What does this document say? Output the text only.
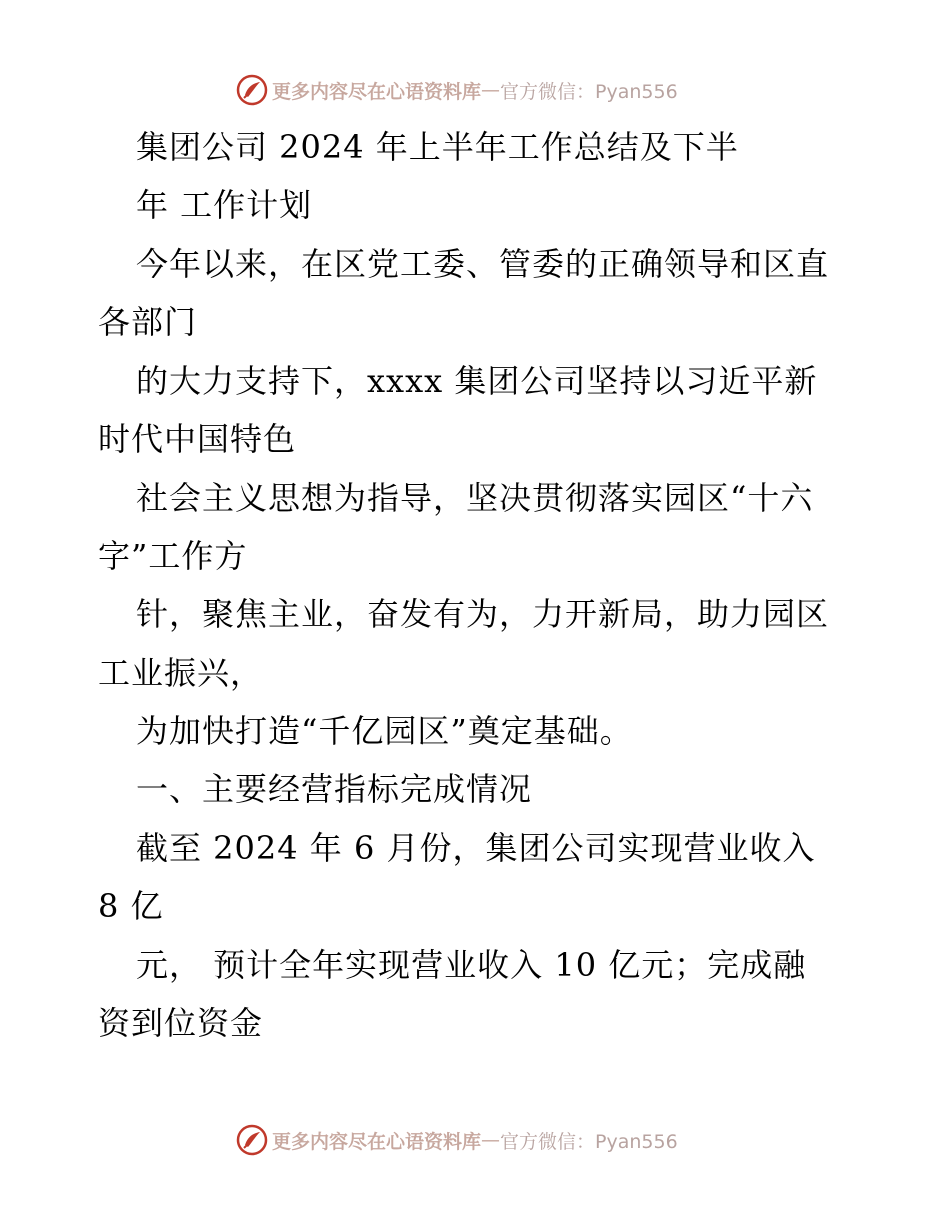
更多内容尽在心语资料库 — 官方微信：Pyan556
集团公司 2024 年上半年工作总结及下半
年 工作计划
今年以来，在区党工委、管委的正确领导和区直
各部门
的大力支持下，xxxx 集团公司坚持以习近平新
时代中国特色
社会主义思想为指导，坚决贯彻落实园区“十六
字”工作方
针，聚焦主业，奋发有为，力开新局，助力园区
工业振兴，
为加快打造“千亿园区”奠定基础。
一、主要经营指标完成情况
截至 2024 年 6 月份，集团公司实现营业收入
8 亿
元， 预计全年实现营业收入 10 亿元；完成融
资到位资金
更多内容尽在心语资料库 — 官方微信：Pyan556
